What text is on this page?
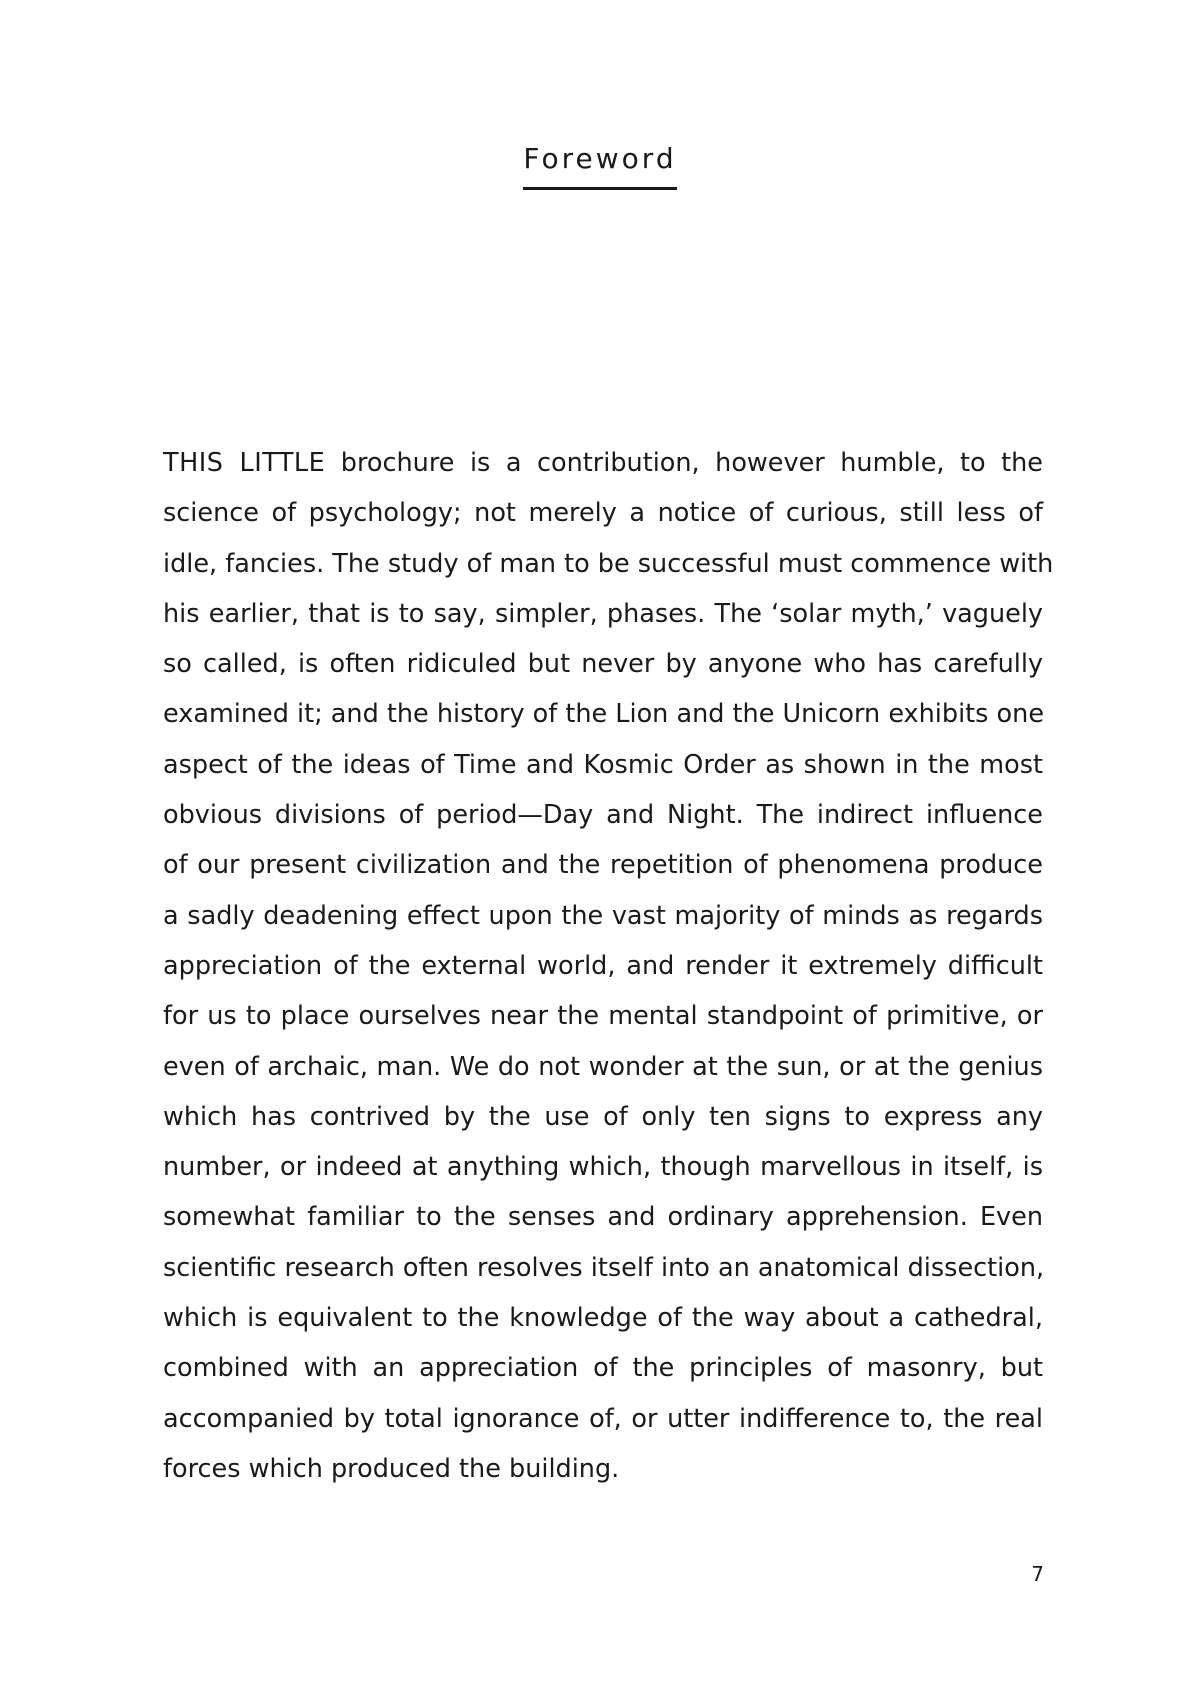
Foreword
THIS LITTLE brochure is a contribution, however humble, to the
science of psychology; not merely a notice of curious, still less of
idle, fancies. The study of man to be successful must commence with
his earlier, that is to say, simpler, phases. The ‘solar myth,’ vaguely
so called, is often ridiculed but never by anyone who has carefully
examined it; and the history of the Lion and the Unicorn exhibits one
aspect of the ideas of Time and Kosmic Order as shown in the most
obvious divisions of period—Day and Night. The indirect influence
of our present civilization and the repetition of phenomena produce
a sadly deadening effect upon the vast majority of minds as regards
appreciation of the external world, and render it extremely difficult
for us to place ourselves near the mental standpoint of primitive, or
even of archaic, man. We do not wonder at the sun, or at the genius
which has contrived by the use of only ten signs to express any
number, or indeed at anything which, though marvellous in itself, is
somewhat familiar to the senses and ordinary apprehension. Even
scientific research often resolves itself into an anatomical dissection,
which is equivalent to the knowledge of the way about a cathedral,
combined with an appreciation of the principles of masonry, but
accompanied by total ignorance of, or utter indifference to, the real
forces which produced the building.
7
